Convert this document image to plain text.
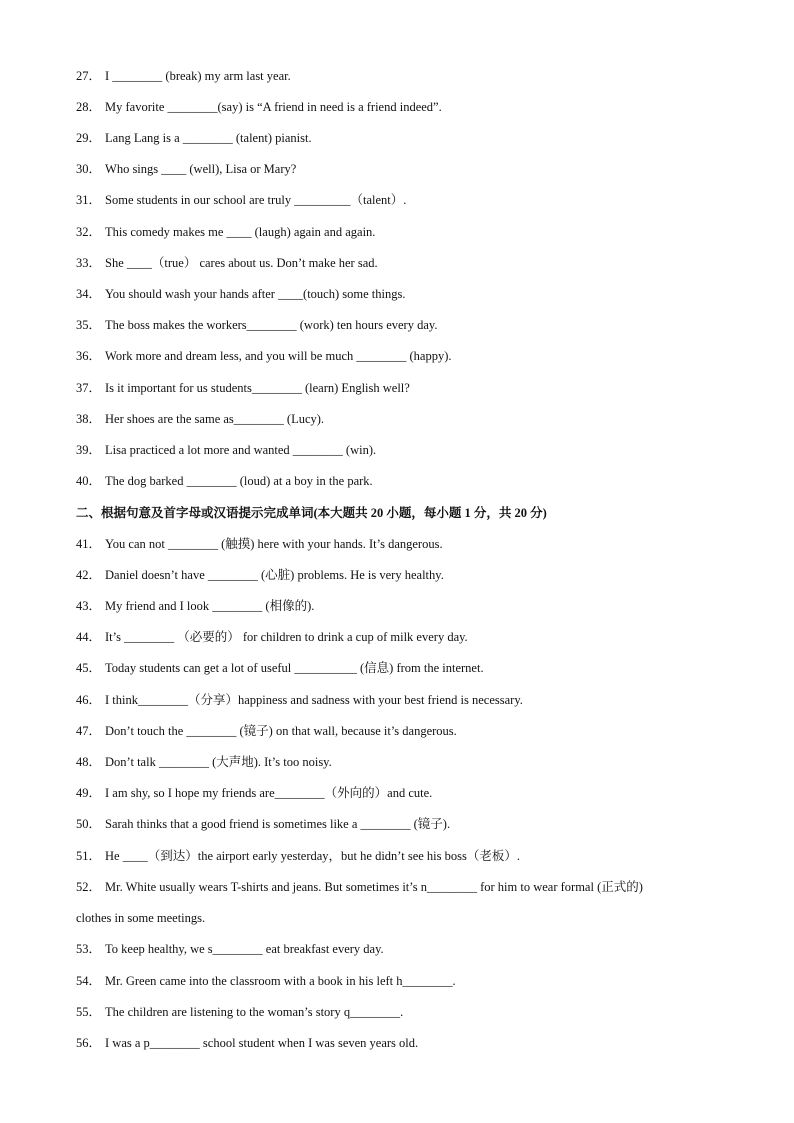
27． I ________ (break) my arm last year.
28． My favorite ________(say) is “A friend in need is a friend indeed”.
29． Lang Lang is a ________ (talent) pianist.
30． Who sings ____ (well), Lisa or Mary?
31． Some students in our school are truly _________（talent）.
32． This comedy makes me ____ (laugh) again and again.
33． She ____（true） cares about us. Don’t make her sad.
34． You should wash your hands after ____(touch) some things.
35． The boss makes the workers________ (work) ten hours every day.
36． Work more and dream less, and you will be much ________ (happy).
37． Is it important for us students________ (learn) English well?
38． Her shoes are the same as________ (Lucy).
39． Lisa practiced a lot more and wanted ________ (win).
40． The dog barked ________ (loud) at a boy in the park.
二、根据句意及首字母或汉语提示完成单词(本大题共 20 小题，每小题 1 分，共 20 分)
41． You can not ________ (触摸) here with your hands. It’s dangerous.
42． Daniel doesn’t have ________ (心脏) problems. He is very healthy.
43． My friend and I look ________ (相像的).
44． It’s ________ （必要的） for children to drink a cup of milk every day.
45． Today students can get a lot of useful __________ (信息) from the internet.
46． I think________（分享）happiness and sadness with your best friend is necessary.
47． Don’t touch the ________ (镜子) on that wall, because it’s dangerous.
48． Don’t talk ________ (大声地). It’s too noisy.
49． I am shy, so I hope my friends are________（外向的）and cute.
50． Sarah thinks that a good friend is sometimes like a ________ (镜子).
51． He ____（到达）the airport early yesterday，but he didn’t see his boss（老板）.
52． Mr. White usually wears T-shirts and jeans. But sometimes it’s n________ for him to wear formal (正式的)
clothes in some meetings.
53． To keep healthy, we s________ eat breakfast every day.
54． Mr. Green came into the classroom with a book in his left h________.
55． The children are listening to the woman’s story q________.
56． I was a p________ school student when I was seven years old.
